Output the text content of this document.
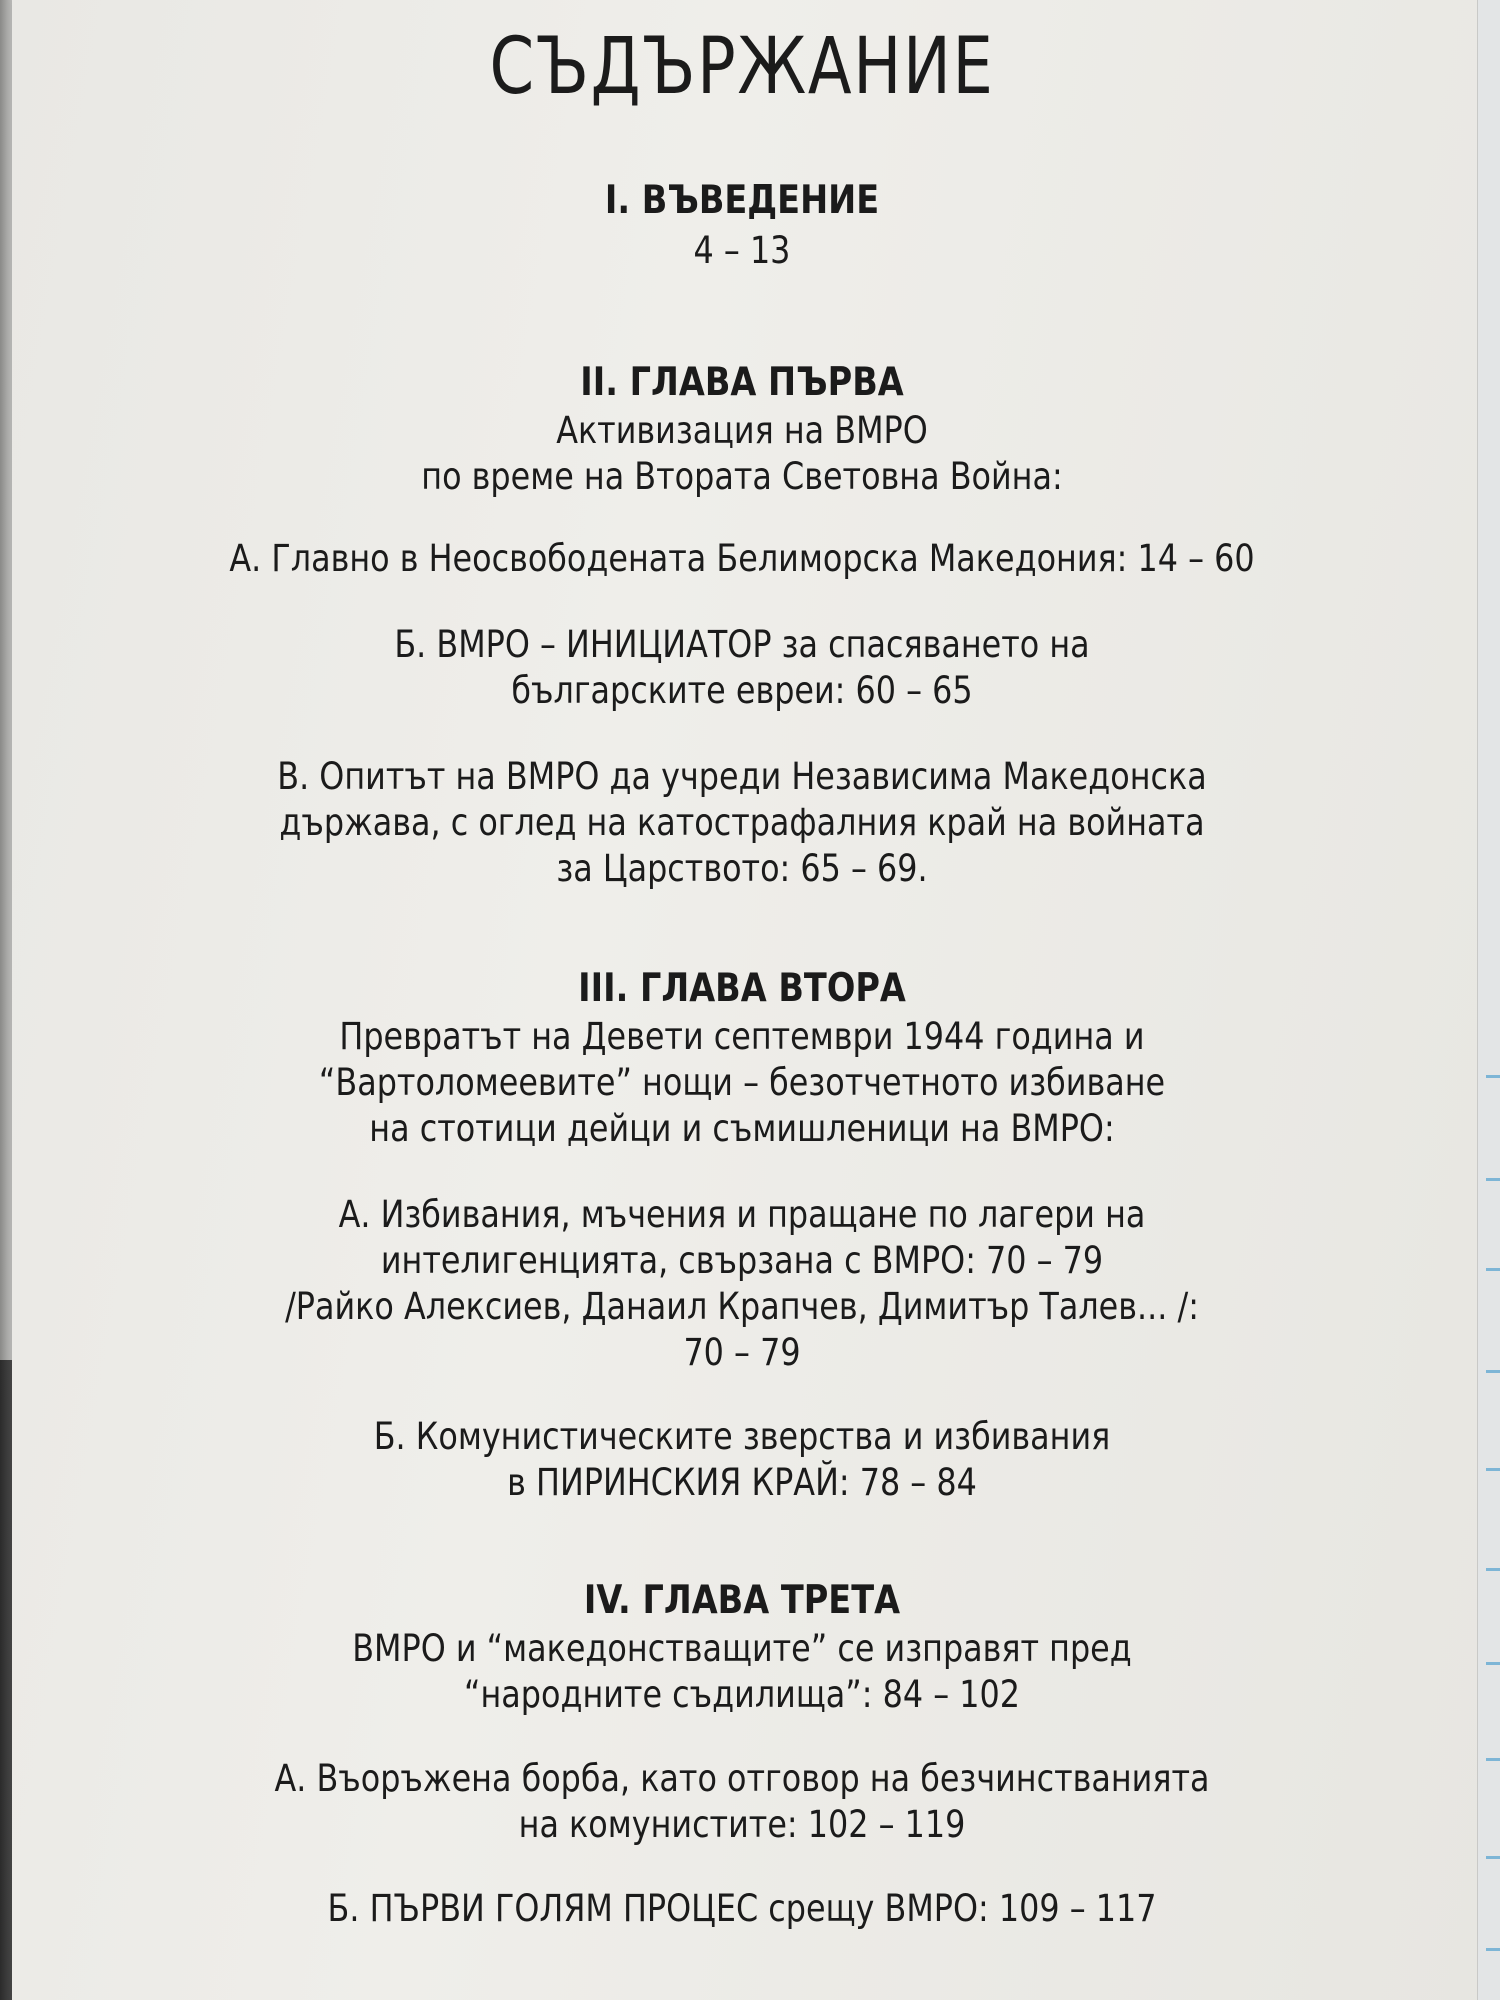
СЪДЪРЖАНИЕ
I. ВЪВЕДЕНИЕ
4 – 13
II. ГЛАВА ПЪРВА
Активизация на ВМРО
по време на Втората Световна Война:
А. Главно в Неосвободената Белиморска Македония: 14 – 60
Б. ВМРО – ИНИЦИАТОР за спасяването на
българските евреи: 60 – 65
В. Опитът на ВМРО да учреди Независима Македонска
държава, с оглед на катострафалния край на войната
за Царството: 65 – 69.
III. ГЛАВА ВТОРА
Превратът на Девети септември 1944 година и
“Вартоломеевите” нощи – безотчетното избиване
на стотици дейци и съмишленици на ВМРО:
А. Избивания, мъчения и пращане по лагери на
интелигенцията, свързана с ВМРО: 70 – 79
/Райко Алексиев, Данаил Крапчев, Димитър Талев... /:
70 – 79
Б. Комунистическите зверства и избивания
в ПИРИНСКИЯ КРАЙ: 78 – 84
IV. ГЛАВА ТРЕТА
ВМРО и “македонстващите” се изправят пред
“народните съдилища”: 84 – 102
А. Въоръжена борба, като отговор на безчинстванията
на комунистите: 102 – 119
Б. ПЪРВИ ГОЛЯМ ПРОЦЕС срещу ВМРО: 109 – 117
